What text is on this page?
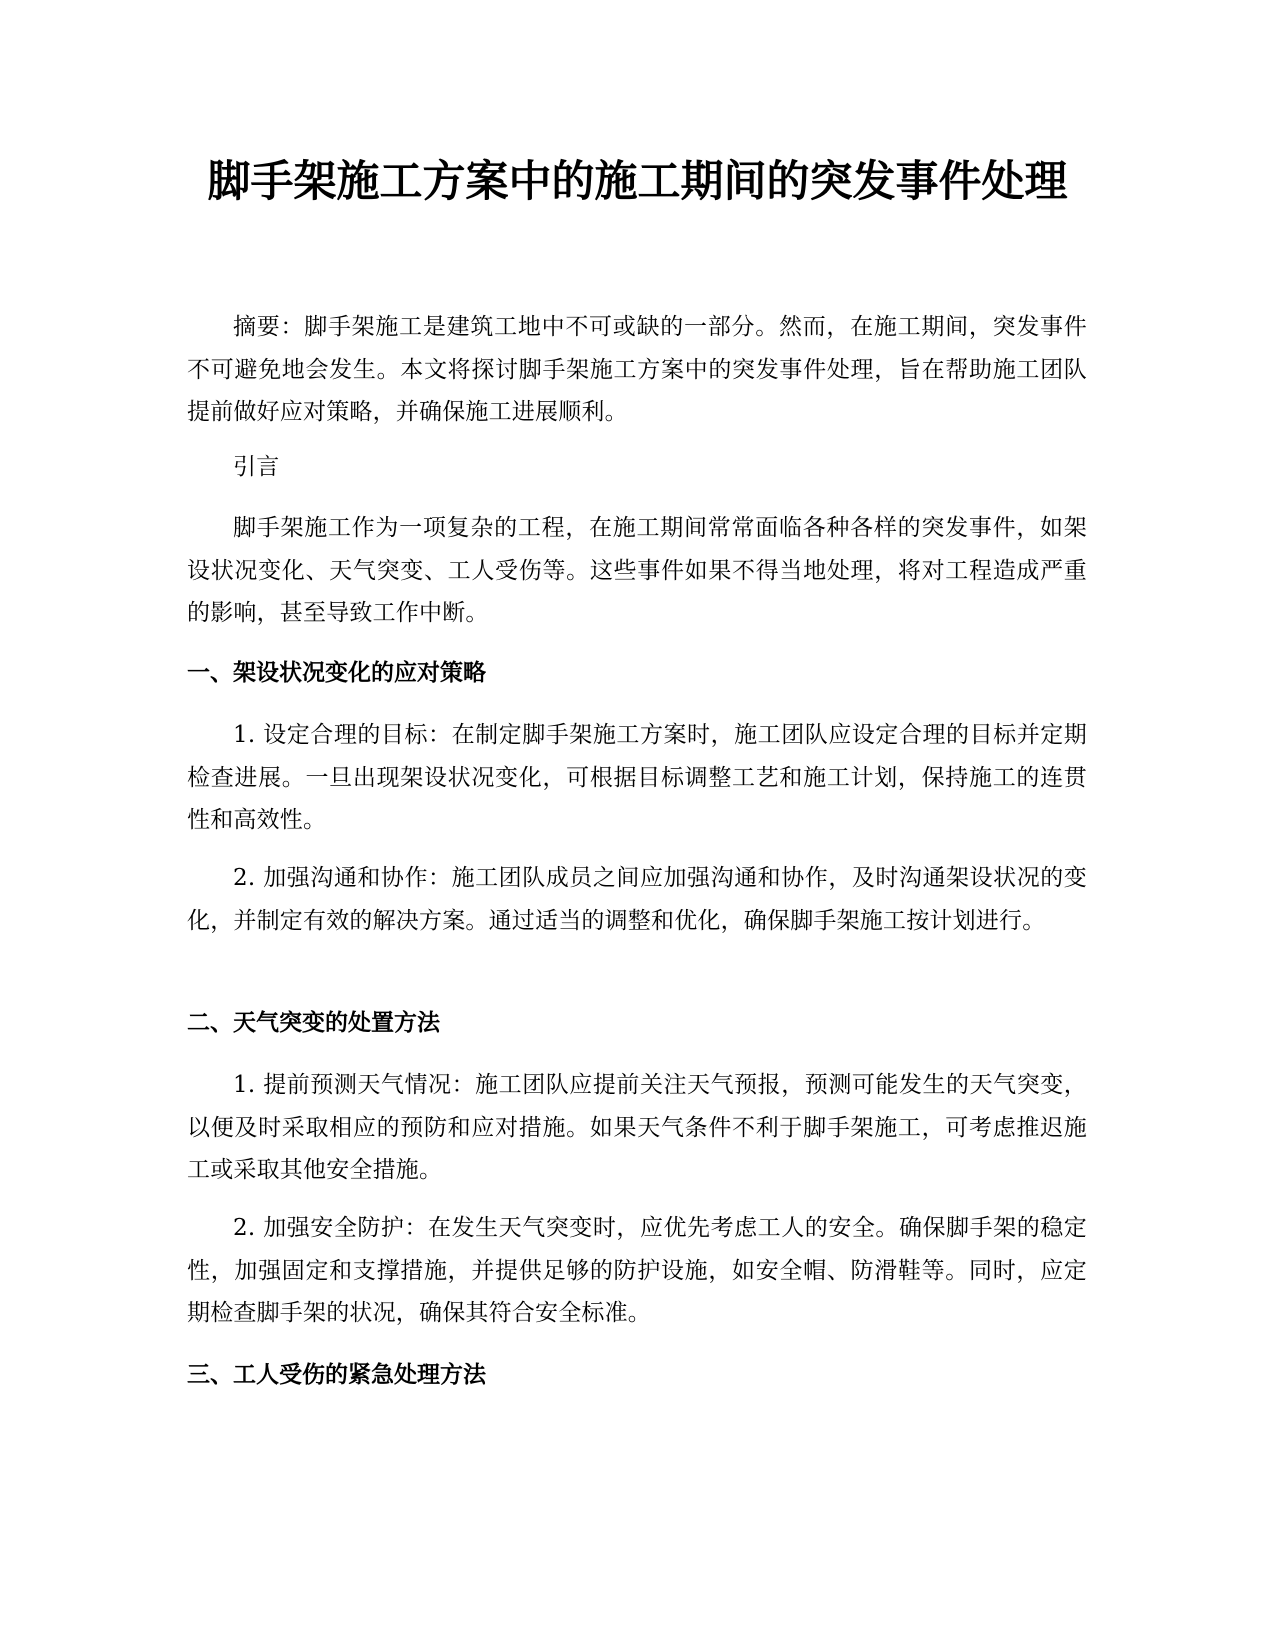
脚手架施工方案中的施工期间的突发事件处理

摘要：脚手架施工是建筑工地中不可或缺的一部分。然而，在施工期间，突发事件不可避免地会发生。本文将探讨脚手架施工方案中的突发事件处理，旨在帮助施工团队提前做好应对策略，并确保施工进展顺利。

引言

脚手架施工作为一项复杂的工程，在施工期间常常面临各种各样的突发事件，如架设状况变化、天气突变、工人受伤等。这些事件如果不得当地处理，将对工程造成严重的影响，甚至导致工作中断。

一、架设状况变化的应对策略

1. 设定合理的目标：在制定脚手架施工方案时，施工团队应设定合理的目标并定期检查进展。一旦出现架设状况变化，可根据目标调整工艺和施工计划，保持施工的连贯性和高效性。

2. 加强沟通和协作：施工团队成员之间应加强沟通和协作，及时沟通架设状况的变化，并制定有效的解决方案。通过适当的调整和优化，确保脚手架施工按计划进行。

二、天气突变的处置方法

1. 提前预测天气情况：施工团队应提前关注天气预报，预测可能发生的天气突变，以便及时采取相应的预防和应对措施。如果天气条件不利于脚手架施工，可考虑推迟施工或采取其他安全措施。

2. 加强安全防护：在发生天气突变时，应优先考虑工人的安全。确保脚手架的稳定性，加强固定和支撑措施，并提供足够的防护设施，如安全帽、防滑鞋等。同时，应定期检查脚手架的状况，确保其符合安全标准。

三、工人受伤的紧急处理方法
